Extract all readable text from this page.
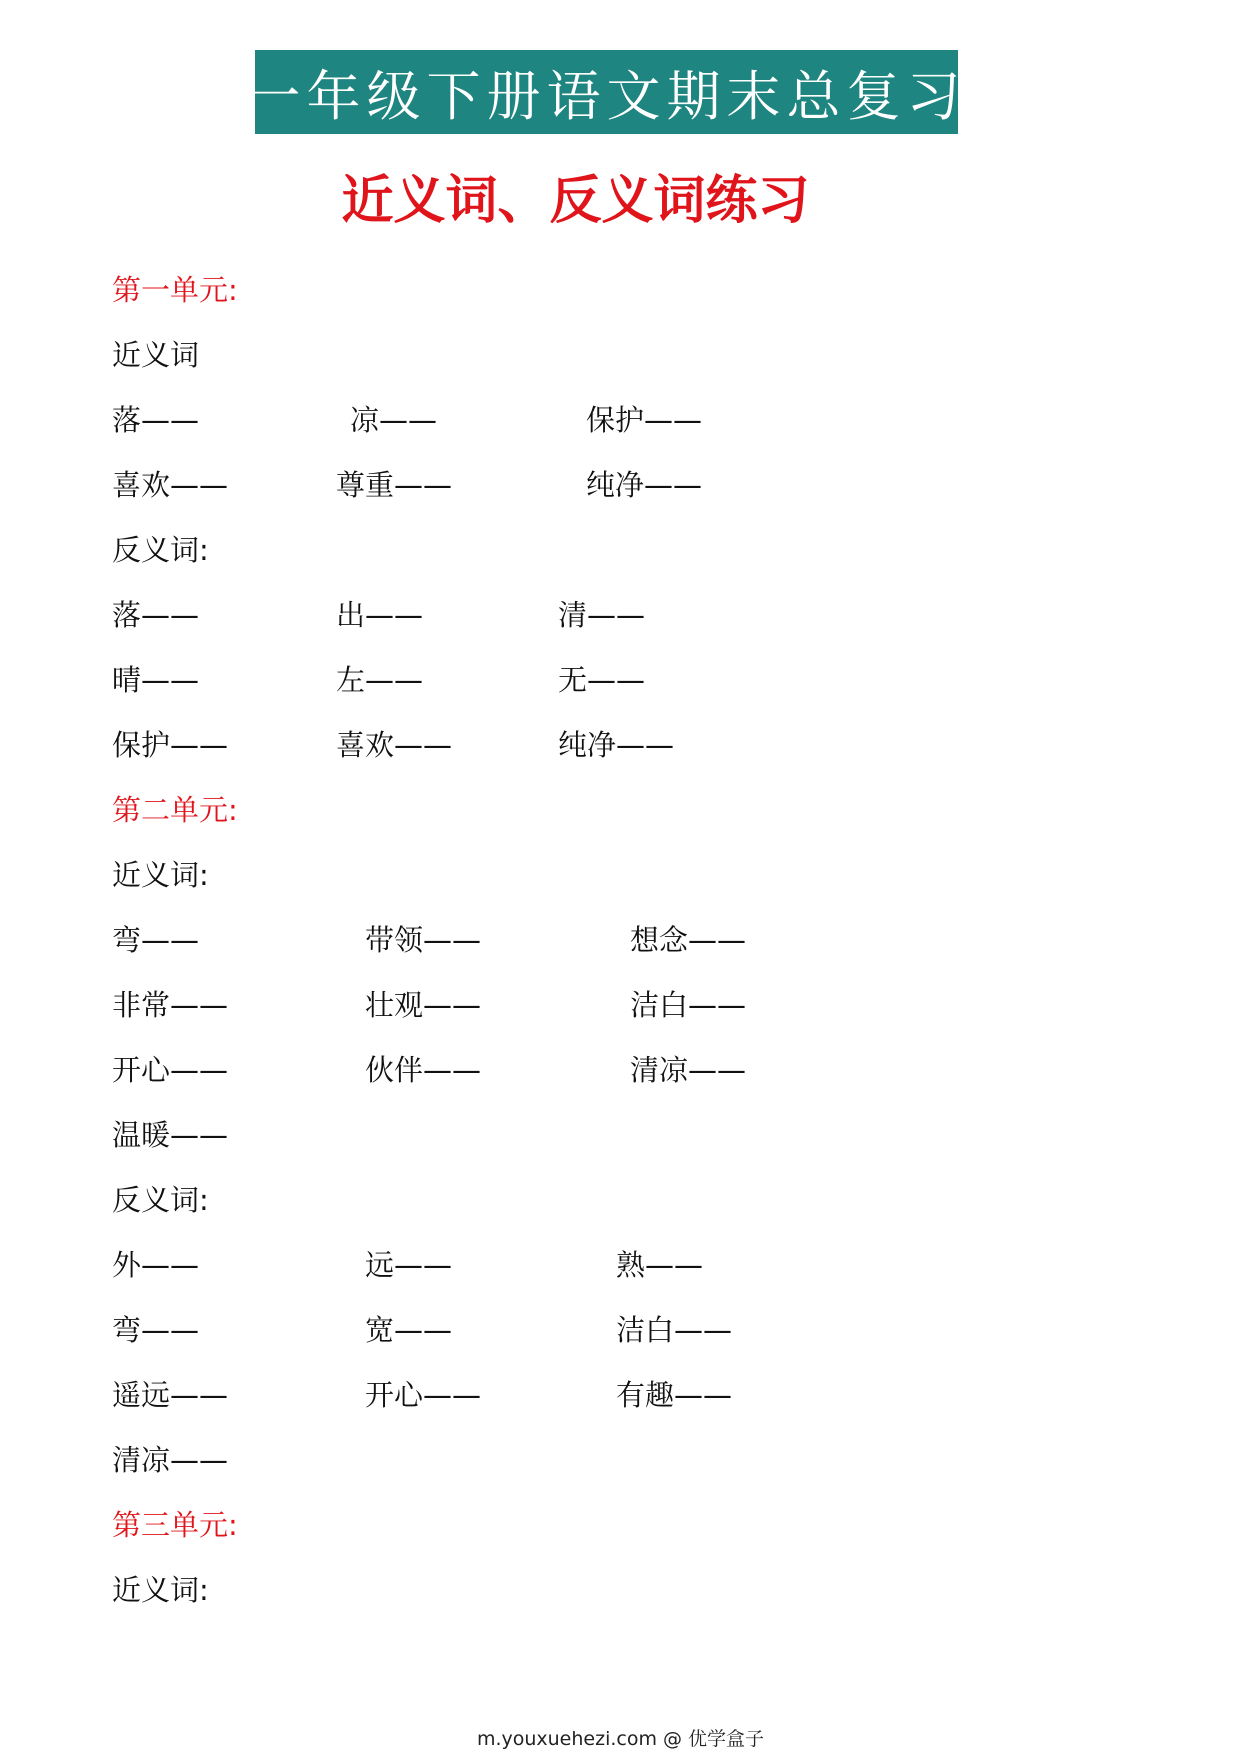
一年级下册语文期末总复习
近义词、反义词练习
第一单元:
近义词
落——	凉——	保护——
喜欢——	尊重——	纯净——
反义词:
落——	出——	清——
晴——	左——	无——
保护——	喜欢——	纯净——
第二单元:
近义词:
弯——	带领——	想念——
非常——	壮观——	洁白——
开心——	伙伴——	清凉——
温暖——
反义词:
外——	远——	熟——
弯——	宽——	洁白——
遥远——	开心——	有趣——
清凉——
第三单元:
近义词:
m.youxuehezi.com @ 优学盒子
